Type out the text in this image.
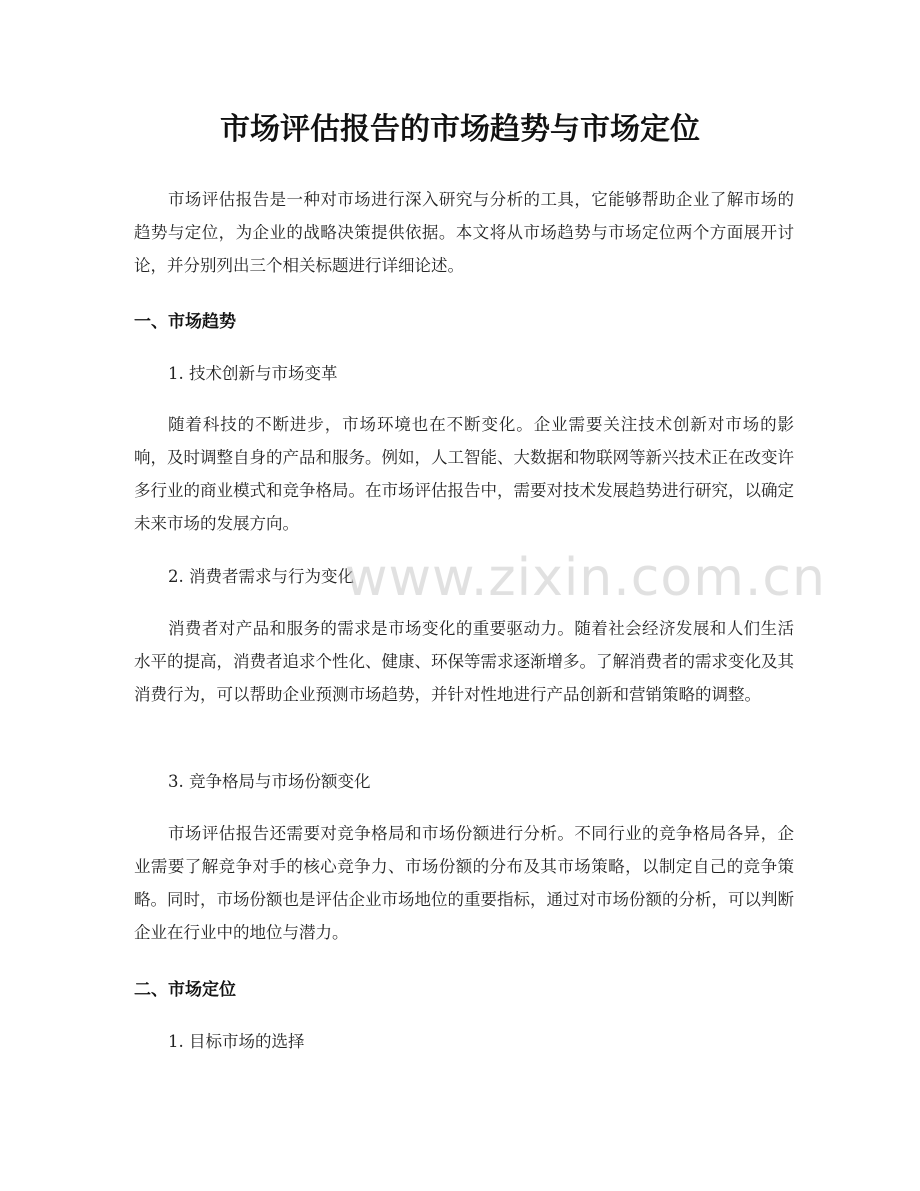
市场评估报告的市场趋势与市场定位

市场评估报告是一种对市场进行深入研究与分析的工具，它能够帮助企业了解市场的趋势与定位，为企业的战略决策提供依据。本文将从市场趋势与市场定位两个方面展开讨论，并分别列出三个相关标题进行详细论述。

一、市场趋势

1. 技术创新与市场变革

随着科技的不断进步，市场环境也在不断变化。企业需要关注技术创新对市场的影响，及时调整自身的产品和服务。例如，人工智能、大数据和物联网等新兴技术正在改变许多行业的商业模式和竞争格局。在市场评估报告中，需要对技术发展趋势进行研究，以确定未来市场的发展方向。

2. 消费者需求与行为变化

消费者对产品和服务的需求是市场变化的重要驱动力。随着社会经济发展和人们生活水平的提高，消费者追求个性化、健康、环保等需求逐渐增多。了解消费者的需求变化及其消费行为，可以帮助企业预测市场趋势，并针对性地进行产品创新和营销策略的调整。

3. 竞争格局与市场份额变化

市场评估报告还需要对竞争格局和市场份额进行分析。不同行业的竞争格局各异，企业需要了解竞争对手的核心竞争力、市场份额的分布及其市场策略，以制定自己的竞争策略。同时，市场份额也是评估企业市场地位的重要指标，通过对市场份额的分析，可以判断企业在行业中的地位与潜力。

二、市场定位

1. 目标市场的选择

www.zixin.com.cn
